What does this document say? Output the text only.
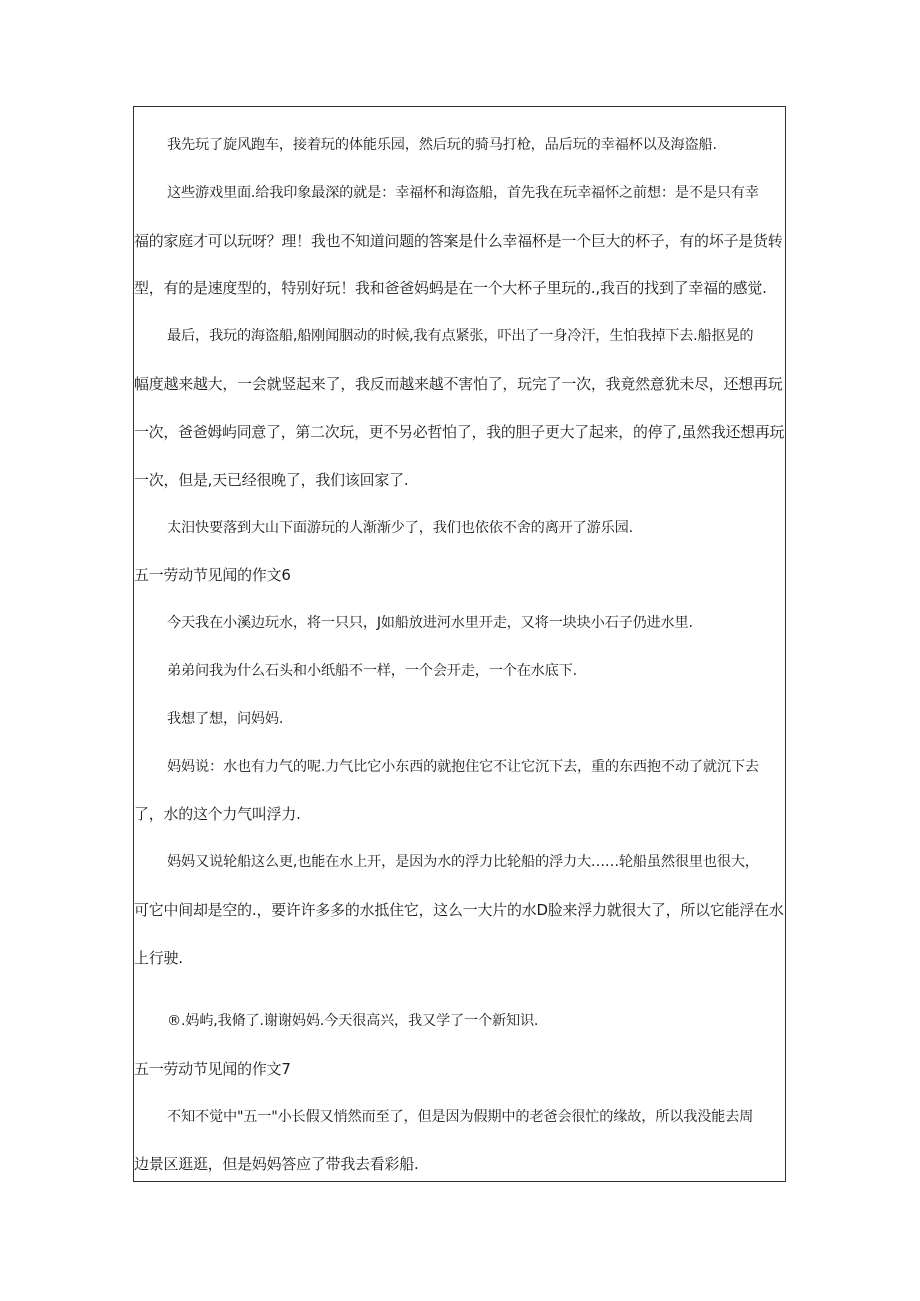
我先玩了旋风跑车，接着玩的体能乐园，然后玩的骑马打枪，品后玩的幸福杯以及海盗船.
这些游戏里面.给我印象最深的就是：幸福杯和海盗船，首先我在玩幸福怀之前想：是不是只有幸
福的家庭才可以玩呀？理！我也不知道问题的答案是什么幸福杯是一个巨大的杯子，有的坏子是货转
型，有的是速度型的，特别好玩！我和爸爸妈蚂是在一个大杯子里玩的.,我百的找到了幸福的感觉.
最后，我玩的海盗船,船刚闻胭动的时候,我有点紧张，吓出了一身冷汗，生怕我掉下去.船抠晃的
幅度越来越大，一会就竖起来了，我反而越来越不害怕了，玩完了一次，我竟然意犹未尽，还想再玩
一次，爸爸姆屿同意了，第二次玩，更不另必哲怕了，我的胆子更大了起来，的停了,虽然我还想再玩
一次，但是,天已经很晚了，我们该回家了.
太汨快要落到大山下面游玩的人渐渐少了，我们也依依不舍的离开了游乐园.
五一劳动节见闻的作文6
今天我在小溪边玩水，将一只只，J如船放进河水里开走，又将一块块小石子仍进水里.
弟弟问我为什么石头和小纸船不一样，一个会开走，一个在水底下.
我想了想，问妈妈.
妈妈说：水也有力气的呢.力气比它小东西的就抱住它不让它沉下去，重的东西抱不动了就沉下去
了，水的这个力气叫浮力.
妈妈又说轮船这么更,也能在水上开，是因为水的浮力比轮船的浮力大……轮船虽然很里也很大，
可它中间却是空的.，要许许多多的水抵住它，这么一大片的水D脸来浮力就很大了，所以它能浮在水
上行驶.
®.妈屿,我脩了.谢谢妈妈.今天很高兴，我又学了一个新知识.
五一劳动节见闻的作文7
不知不觉中"五一"小长假又悄然而至了，但是因为假期中的老爸会很忙的缘故，所以我没能去周
边景区逛逛，但是妈妈答应了带我去看彩船.
